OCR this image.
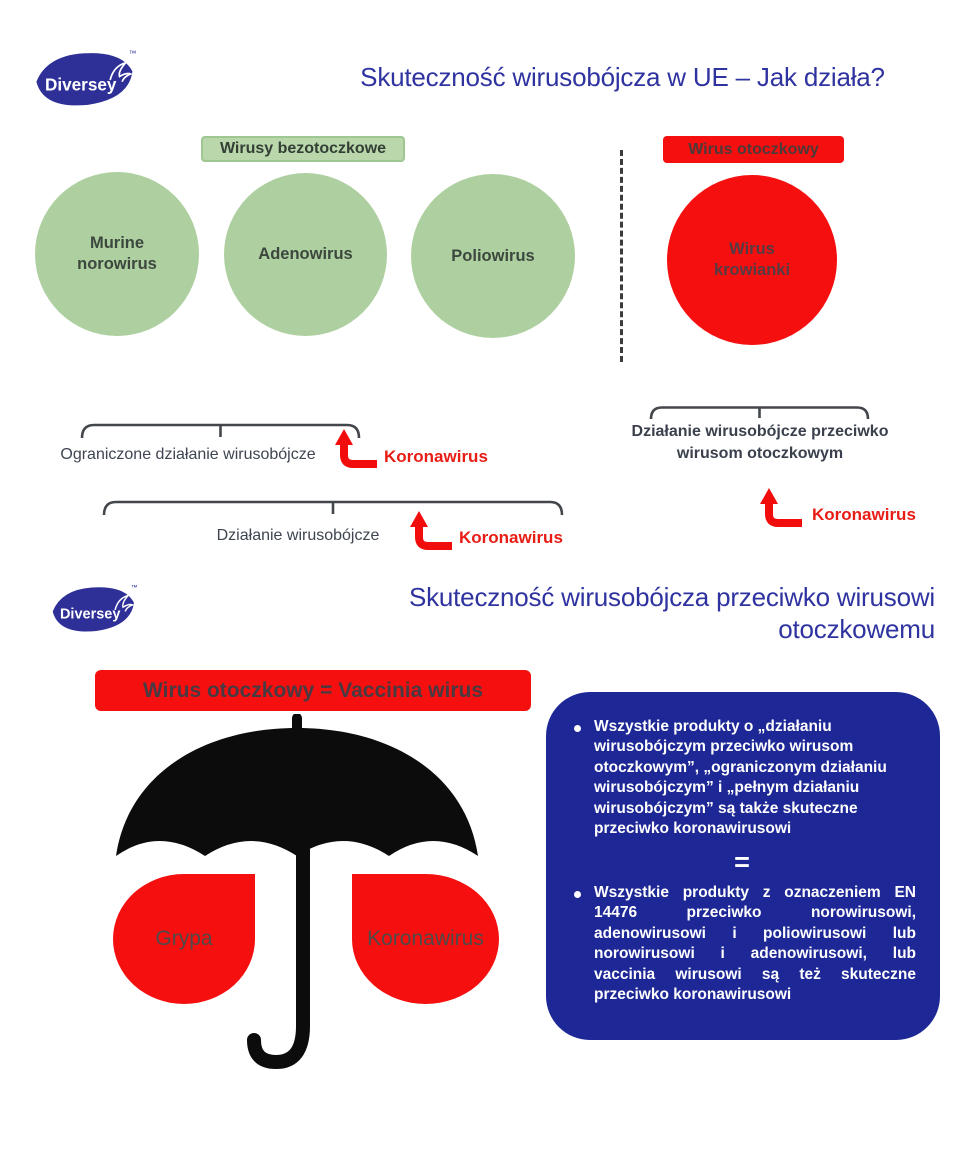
Diversey
™
Skuteczność wirusobójcza w UE – Jak działa?
Wirusy bezotoczkowe
Murine norowirus
Adenowirus	Poliowirus
Wirus otoczkowy
Wirus krowianki
Ograniczone działanie wirusobójcze	Koronawirus
Działanie wirusobójcze	Koronawirus
Działanie wirusobójcze przeciwko
wirusom otoczkowym
Koronawirus
Diversey
™	Skuteczność wirusobójcza przeciwko wirusowi
otoczkowemu
Wirus otoczkowy = Vaccinia wirus
Grypa	Koronawirus

Wszystkie produkty o „działaniu wirusobójczym przeciwko wirusom otoczkowym”, „ograniczonym działaniu wirusobójczym” i „pełnym działaniu wirusobójczym” są także skuteczne przeciwko koronawirusowi

=

Wszystkie produkty z oznaczeniem EN 14476 przeciwko norowirusowi, adenowirusowi i poliowirusowi lub norowirusowi i adenowirusowi, lub vaccinia wirusowi są też skuteczne przeciwko koronawirusowi
